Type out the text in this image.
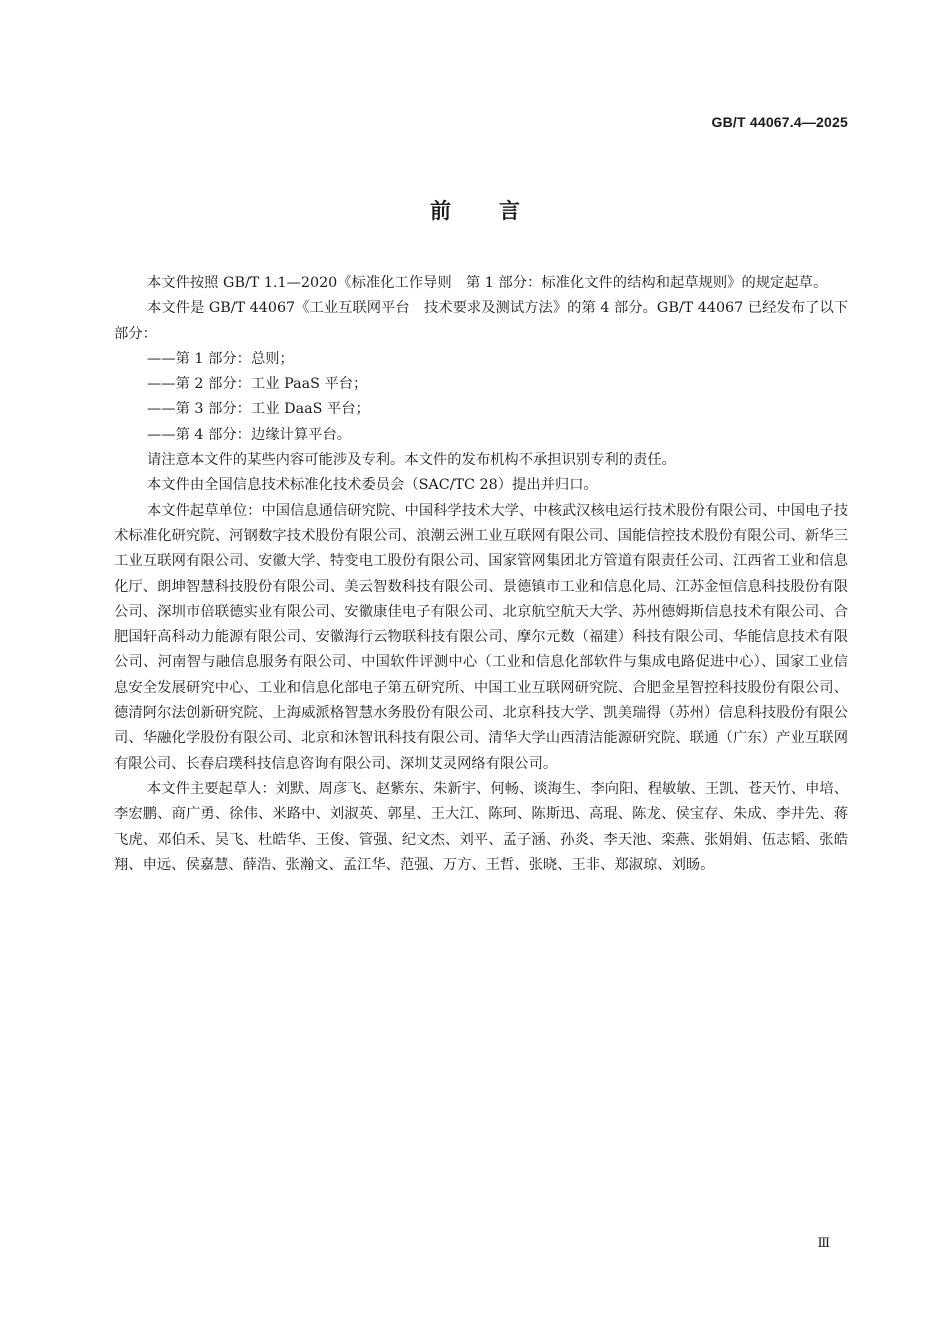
GB/T 44067.4—2025
前言

本文件按照 GB/T 1.1—2020《标准化工作导则　第 1 部分：标准化文件的结构和起草规则》的规定起草。

本文件是 GB/T 44067《工业互联网平台　技术要求及测试方法》的第 4 部分。GB/T 44067 已经发布了以下部分：

——第 1 部分：总则；
——第 2 部分：工业 PaaS 平台；
——第 3 部分：工业 DaaS 平台；
——第 4 部分：边缘计算平台。

请注意本文件的某些内容可能涉及专利。本文件的发布机构不承担识别专利的责任。

本文件由全国信息技术标准化技术委员会（SAC/TC 28）提出并归口。

本文件起草单位：中国信息通信研究院、中国科学技术大学、中核武汉核电运行技术股份有限公司、中国电子技术标准化研究院、河钢数字技术股份有限公司、浪潮云洲工业互联网有限公司、国能信控技术股份有限公司、新华三工业互联网有限公司、安徽大学、特变电工股份有限公司、国家管网集团北方管道有限责任公司、江西省工业和信息化厅、朗坤智慧科技股份有限公司、美云智数科技有限公司、景德镇市工业和信息化局、江苏金恒信息科技股份有限公司、深圳市倍联德实业有限公司、安徽康佳电子有限公司、北京航空航天大学、苏州德姆斯信息技术有限公司、合肥国轩高科动力能源有限公司、安徽海行云物联科技有限公司、摩尔元数（福建）科技有限公司、华能信息技术有限公司、河南智与融信息服务有限公司、中国软件评测中心（工业和信息化部软件与集成电路促进中心）、国家工业信息安全发展研究中心、工业和信息化部电子第五研究所、中国工业互联网研究院、合肥金星智控科技股份有限公司、德清阿尔法创新研究院、上海威派格智慧水务股份有限公司、北京科技大学、凯美瑞得（苏州）信息科技股份有限公司、华融化学股份有限公司、北京和沐智讯科技有限公司、清华大学山西清洁能源研究院、联通（广东）产业互联网有限公司、长春启璞科技信息咨询有限公司、深圳艾灵网络有限公司。

本文件主要起草人：刘默、周彦飞、赵紫东、朱新宇、何畅、谈海生、李向阳、程敏敏、王凯、苍天竹、申培、李宏鹏、商广勇、徐伟、米路中、刘淑英、郭星、王大江、陈珂、陈斯迅、高琨、陈龙、侯宝存、朱成、李井先、蒋飞虎、邓伯禾、吴飞、杜皓华、王俊、管强、纪文杰、刘平、孟子涵、孙炎、李天池、栾燕、张娟娟、伍志韬、张皓翔、申远、侯嘉慧、薛浩、张瀚文、孟江华、范强、万方、王哲、张晓、王非、郑淑琼、刘旸。

Ⅲ
